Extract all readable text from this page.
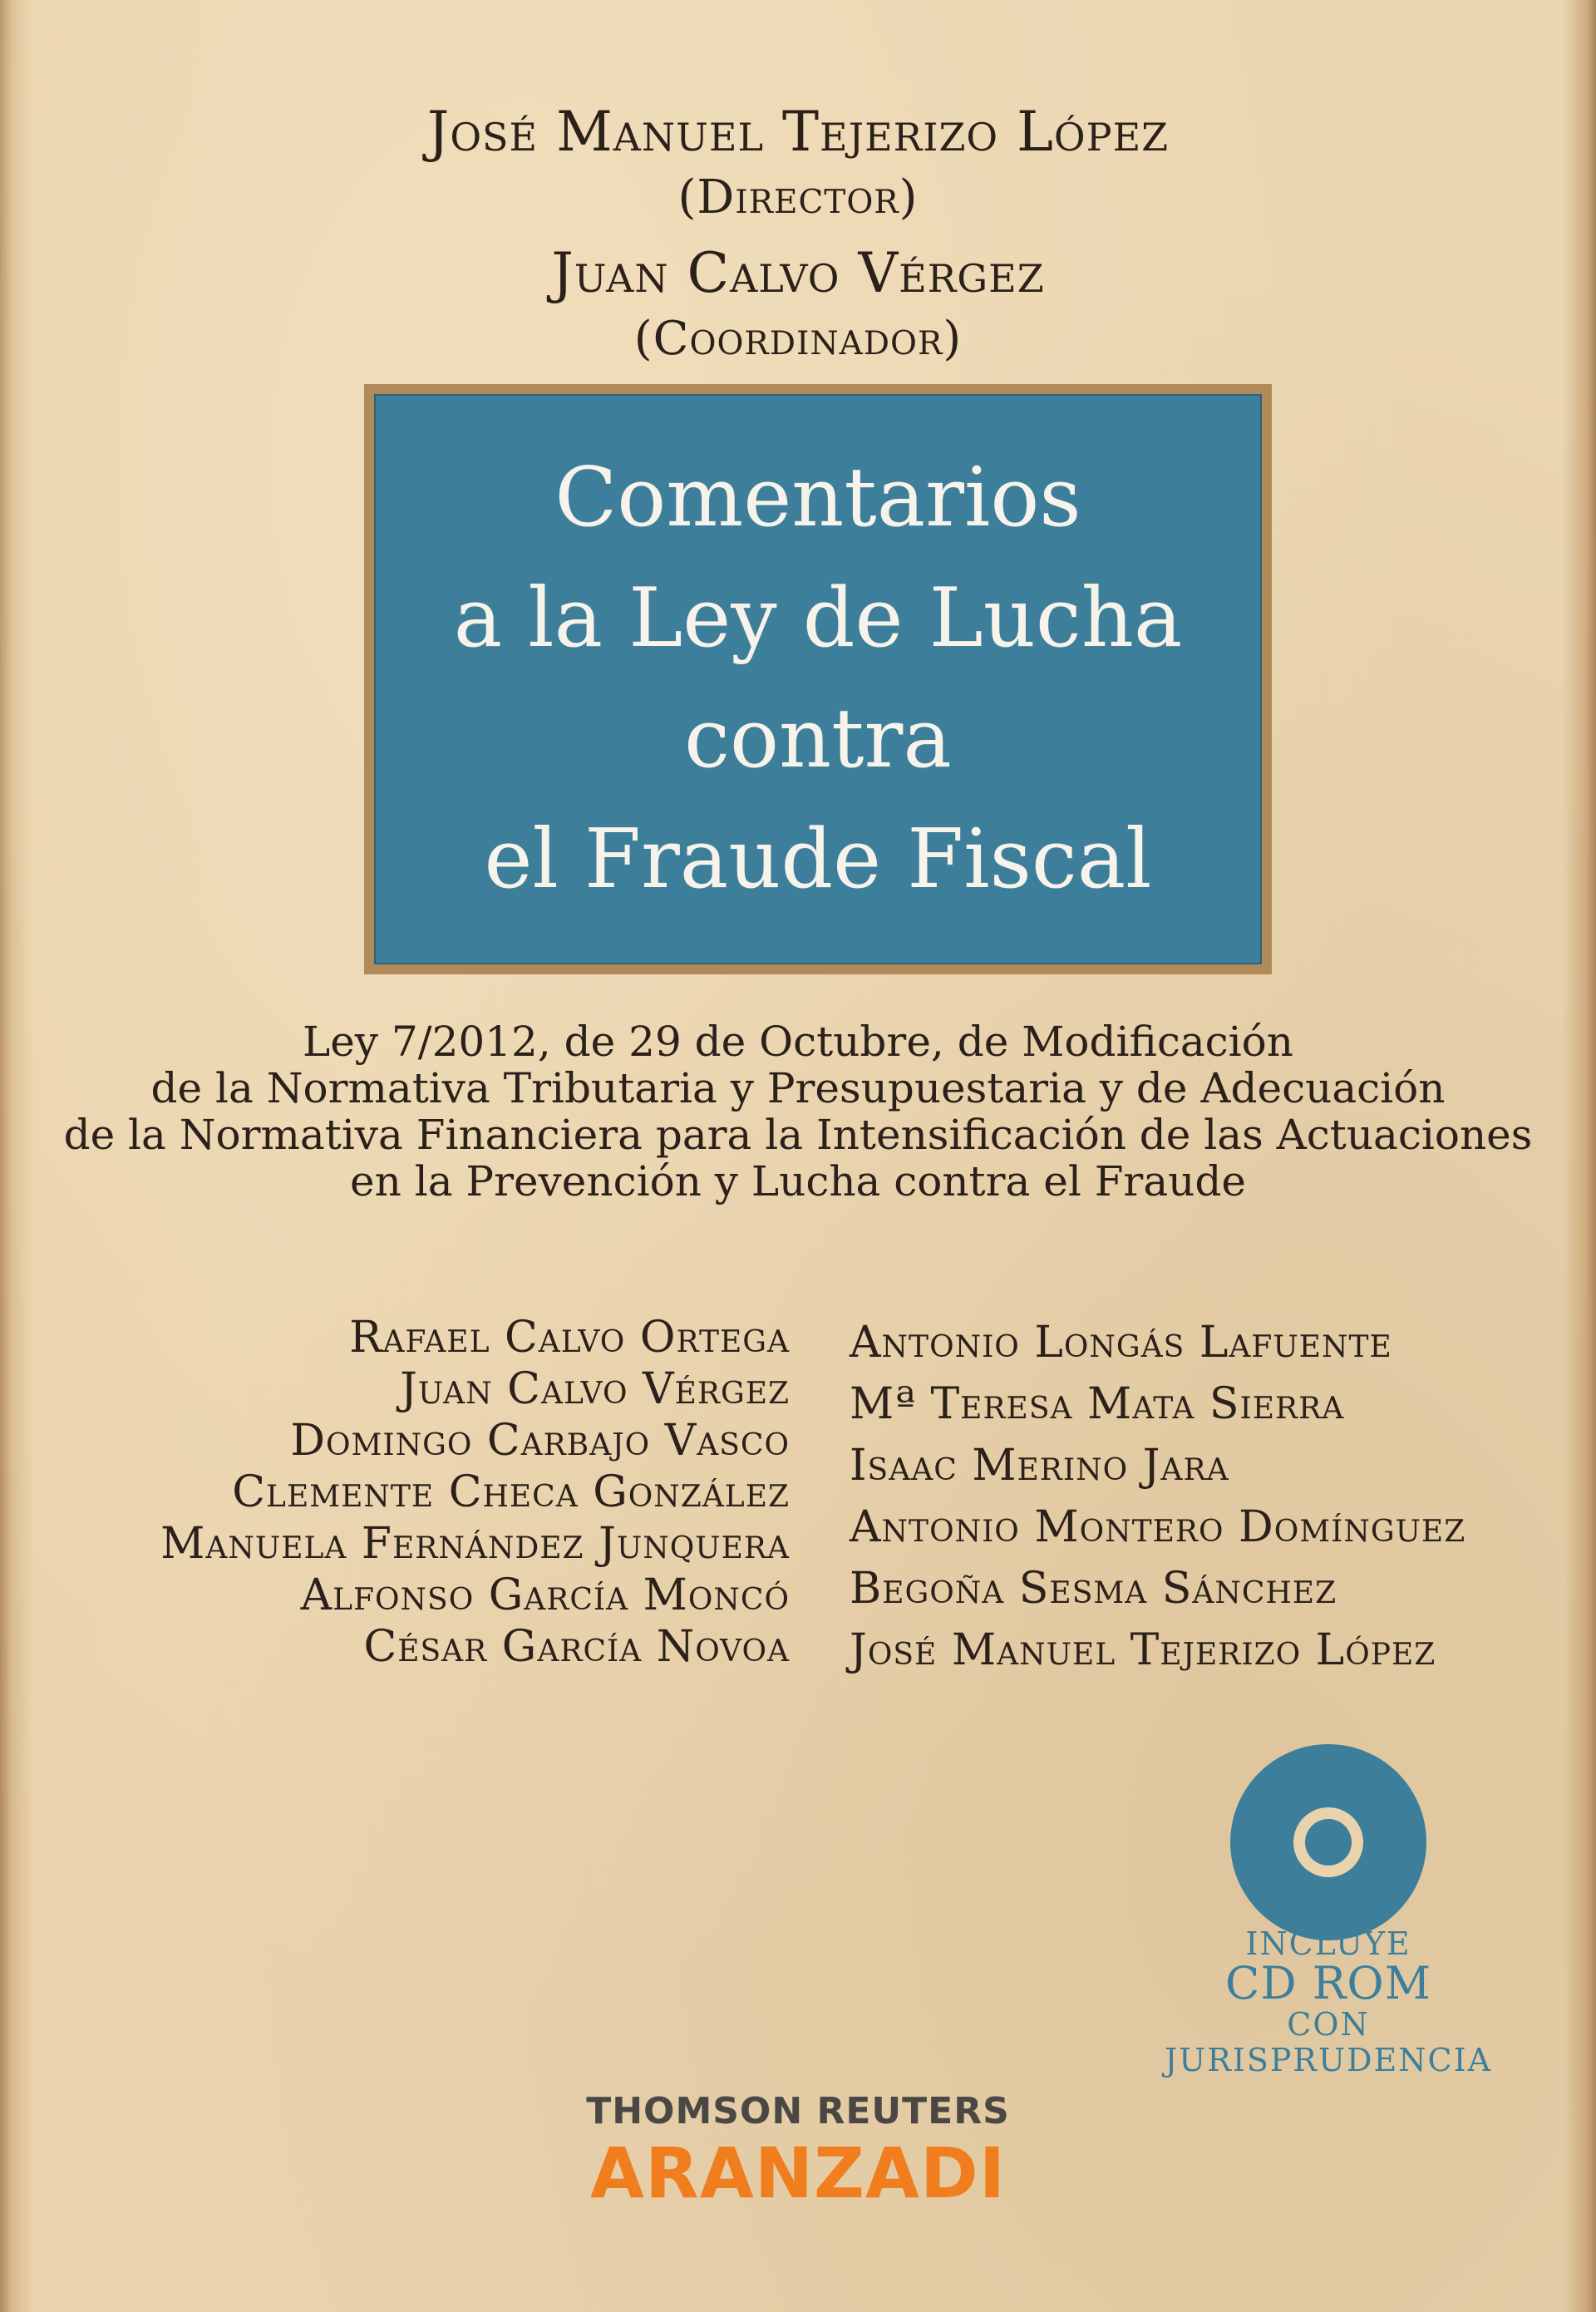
José Manuel Tejerizo López
(Director)
Juan Calvo Vérgez
(Coordinador)
Comentarios
a la Ley de Lucha
contra
el Fraude Fiscal
Ley 7/2012, de 29 de Octubre, de Modificación
de la Normativa Tributaria y Presupuestaria y de Adecuación
de la Normativa Financiera para la Intensificación de las Actuaciones
en la Prevención y Lucha contra el Fraude
Rafael Calvo Ortega
Juan Calvo Vérgez
Domingo Carbajo Vasco
Clemente Checa González
Manuela Fernández Junquera
Alfonso García Moncó
César García Novoa
Antonio Longás Lafuente
Mª Teresa Mata Sierra
Isaac Merino Jara
Antonio Montero Domínguez
Begoña Sesma Sánchez
José Manuel Tejerizo López
INCLUYE
CD ROM
CON
JURISPRUDENCIA
THOMSON REUTERS
ARANZADI
